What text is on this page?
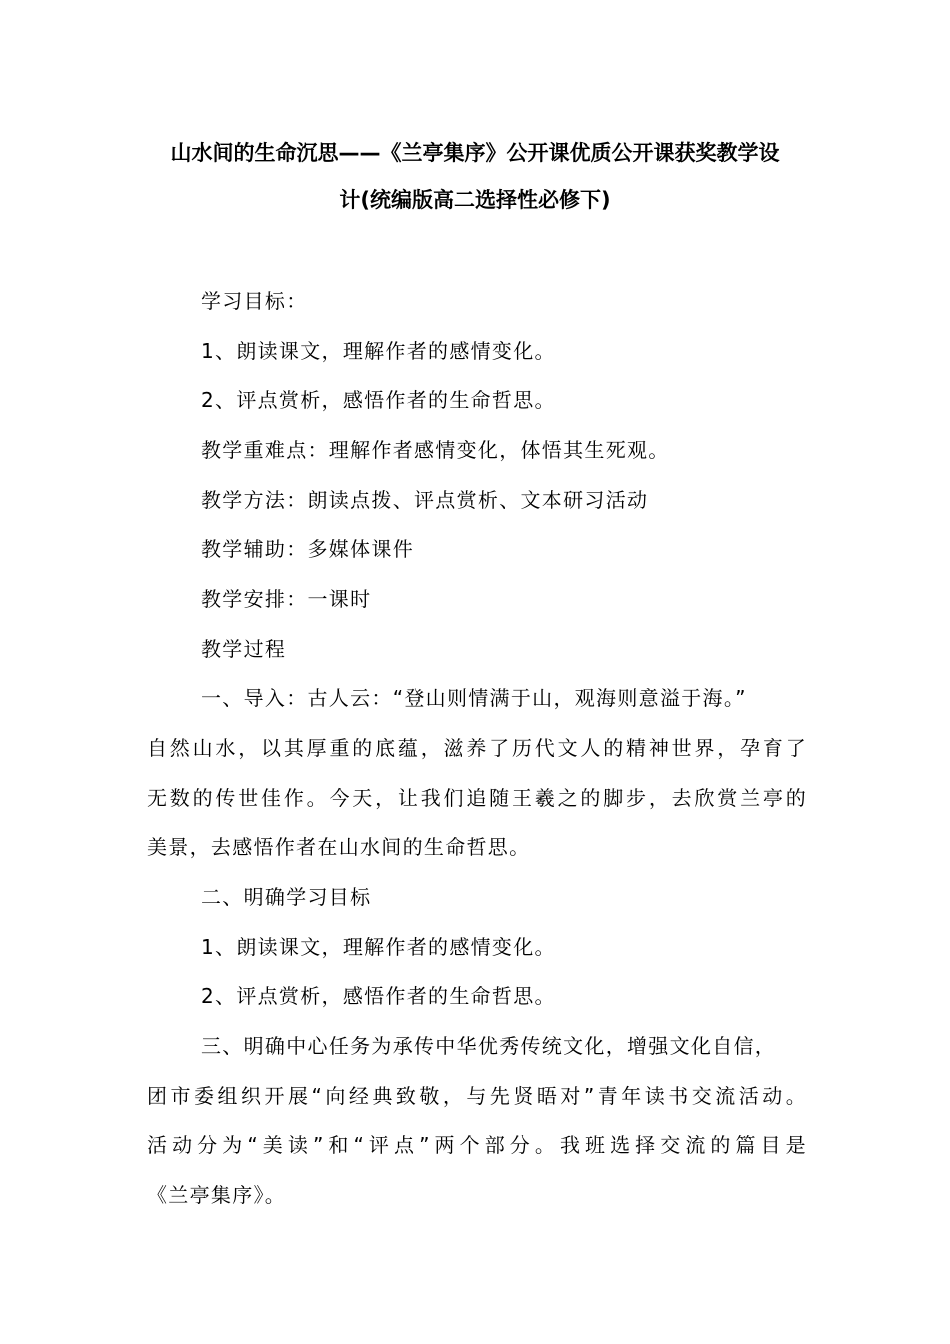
山水间的生命沉思——《兰亭集序》公开课优质公开课获奖教学设
计(统编版高二选择性必修下)
学习目标：
1、朗读课文，理解作者的感情变化。
2、评点赏析，感悟作者的生命哲思。
教学重难点：理解作者感情变化，体悟其生死观。
教学方法：朗读点拨、评点赏析、文本研习活动
教学辅助：多媒体课件
教学安排：一课时
教学过程
一、导入：古人云：“登山则情满于山，观海则意溢于海。”
自然山水，以其厚重的底蕴，滋养了历代文人的精神世界，孕育了
无数的传世佳作。今天，让我们追随王羲之的脚步，去欣赏兰亭的
美景，去感悟作者在山水间的生命哲思。
二、明确学习目标
1、朗读课文，理解作者的感情变化。
2、评点赏析，感悟作者的生命哲思。
三、明确中心任务为承传中华优秀传统文化，增强文化自信，
团市委组织开展“向经典致敬，与先贤晤对”青年读书交流活动。
活动分为“美读”和“评点”两个部分。我班选择交流的篇目是
《兰亭集序》。
